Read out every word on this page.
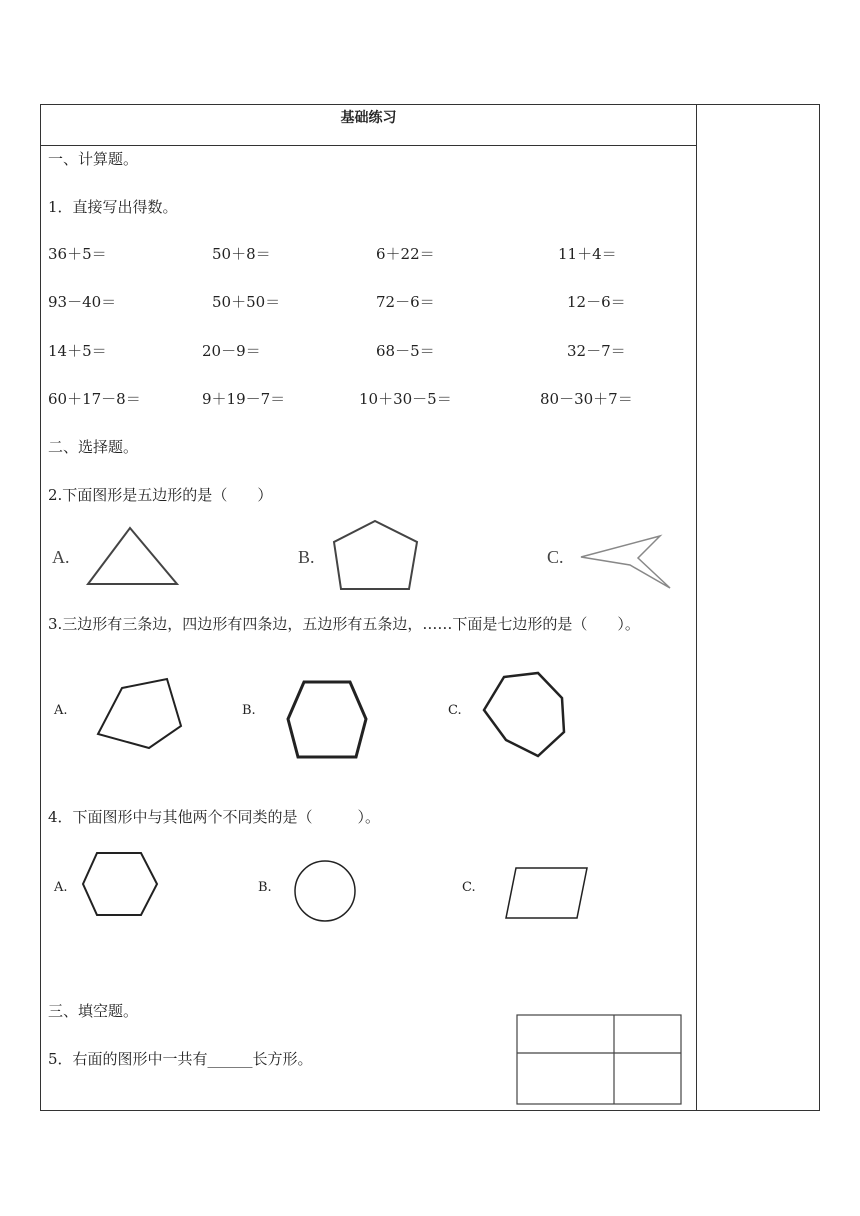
基础练习
一、计算题。
1．直接写出得数。
36＋5＝	50＋8＝	6＋22＝	11＋4＝
93－40＝	50＋50＝	72－6＝	12－6＝
14＋5＝	20－9＝	68－5＝	32－7＝
60＋17－8＝	9＋19－7＝	10＋30－5＝	80－30＋7＝
二、选择题。
2.下面图形是五边形的是（　　）
A.	B.	C.
3.三边形有三条边，四边形有四条边，五边形有五条边，……下面是七边形的是（　　）。
A.	B.	C.
4．下面图形中与其他两个不同类的是（　　　）。
A.	B.	C.
三、填空题。
5．右面的图形中一共有______长方形。
